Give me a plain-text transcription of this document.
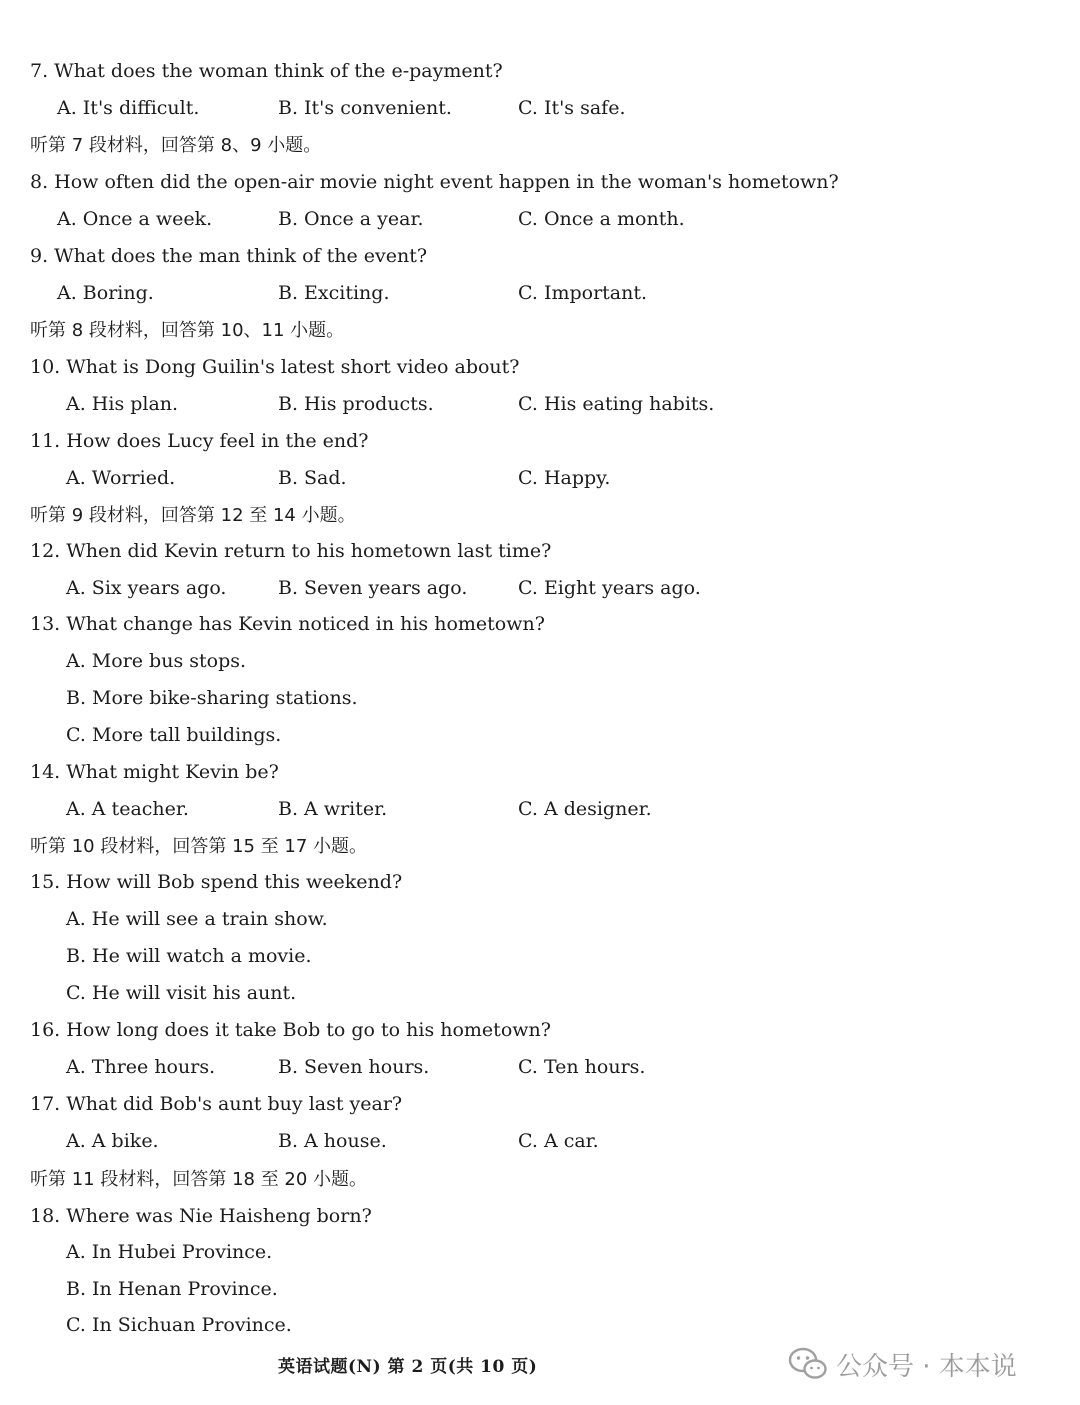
7. What does the woman think of the e-payment?
A. It's difficult.	B. It's convenient.	C. It's safe.
听第 7 段材料，回答第 8、9 小题。
8. How often did the open-air movie night event happen in the woman's hometown?
A. Once a week.	B. Once a year.	C. Once a month.
9. What does the man think of the event?
A. Boring.	B. Exciting.	C. Important.
听第 8 段材料，回答第 10、11 小题。
10. What is Dong Guilin's latest short video about?
A. His plan.	B. His products.	C. His eating habits.
11. How does Lucy feel in the end?
A. Worried.	B. Sad.	C. Happy.
听第 9 段材料，回答第 12 至 14 小题。
12. When did Kevin return to his hometown last time?
A. Six years ago.	B. Seven years ago.	C. Eight years ago.
13. What change has Kevin noticed in his hometown?
A. More bus stops.
B. More bike-sharing stations.
C. More tall buildings.
14. What might Kevin be?
A. A teacher.	B. A writer.	C. A designer.
听第 10 段材料，回答第 15 至 17 小题。
15. How will Bob spend this weekend?
A. He will see a train show.
B. He will watch a movie.
C. He will visit his aunt.
16. How long does it take Bob to go to his hometown?
A. Three hours.	B. Seven hours.	C. Ten hours.
17. What did Bob's aunt buy last year?
A. A bike.	B. A house.	C. A car.
听第 11 段材料，回答第 18 至 20 小题。
18. Where was Nie Haisheng born?
A. In Hubei Province.
B. In Henan Province.
C. In Sichuan Province.
英语试题(N) 第 2 页(共 10 页)	公众号 · 本本说
